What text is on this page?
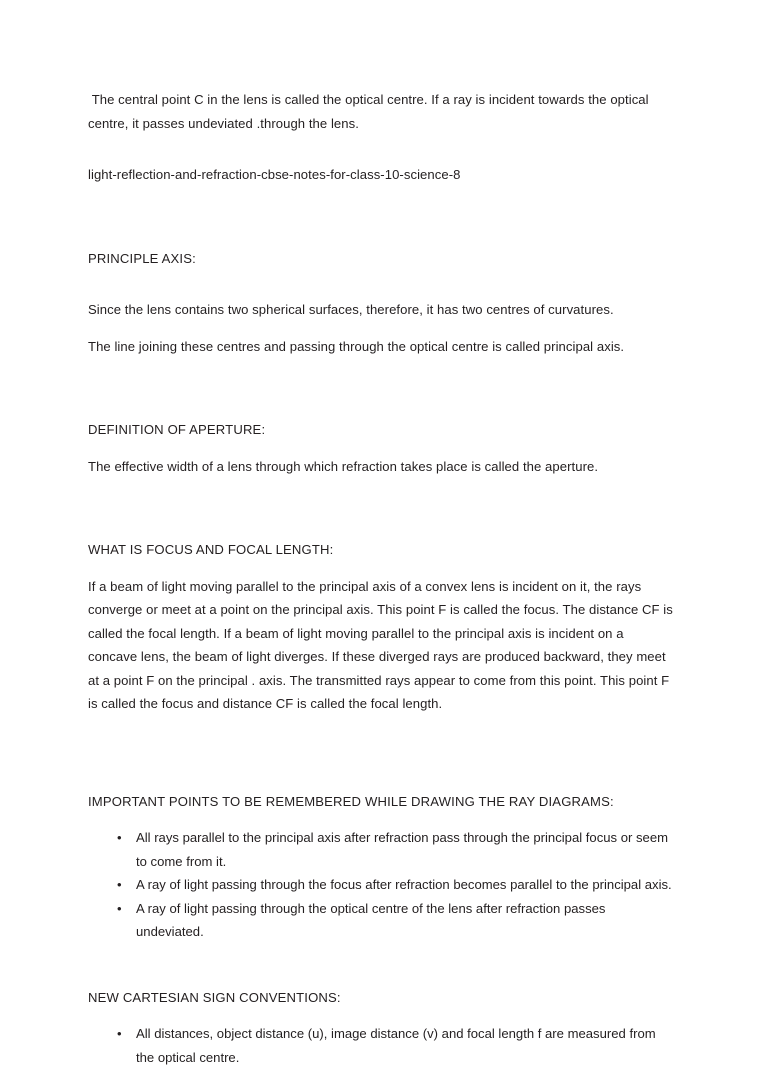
The central point C in the lens is called the optical centre. If a ray is incident towards the optical centre, it passes undeviated .through the lens.

light-reflection-and-refraction-cbse-notes-for-class-10-science-8

PRINCIPLE AXIS:

Since the lens contains two spherical surfaces, therefore, it has two centres of curvatures.

The line joining these centres and passing through the optical centre is called principal axis.

DEFINITION OF APERTURE:

The effective width of a lens through which refraction takes place is called the aperture.

WHAT IS FOCUS AND FOCAL LENGTH:

If a beam of light moving parallel to the principal axis of a convex lens is incident on it, the rays converge or meet at a point on the principal axis. This point F is called the focus. The distance CF is called the focal length. If a beam of light moving parallel to the principal axis is incident on a concave lens, the beam of light diverges. If these diverged rays are produced backward, they meet at a point F on the principal . axis. The transmitted rays appear to come from this point. This point F is called the focus and distance CF is called the focal length.

IMPORTANT POINTS TO BE REMEMBERED WHILE DRAWING THE RAY DIAGRAMS:
• All rays parallel to the principal axis after refraction pass through the principal focus or seem to come from it.
• A ray of light passing through the focus after refraction becomes parallel to the principal axis.
• A ray of light passing through the optical centre of the lens after refraction passes undeviated.
NEW CARTESIAN SIGN CONVENTIONS:
• All distances, object distance (u), image distance (v) and focal length f are measured from the optical centre.
